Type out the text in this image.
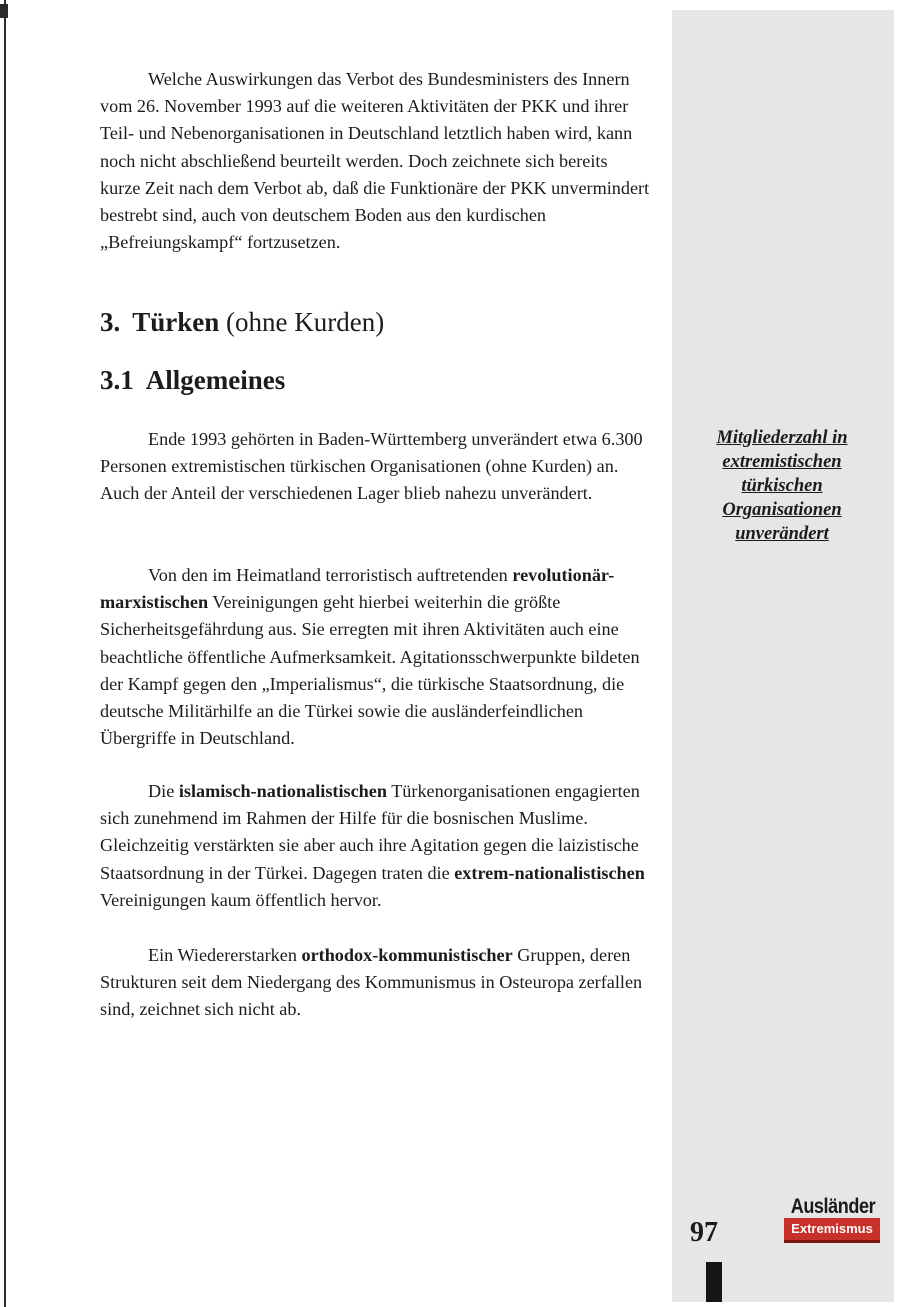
Welche Auswirkungen das Verbot des Bundesministers des Innern vom 26. November 1993 auf die weiteren Aktivitäten der PKK und ihrer Teil- und Nebenorganisationen in Deutschland letztlich haben wird, kann noch nicht abschließend beurteilt werden. Doch zeichnete sich bereits kurze Zeit nach dem Verbot ab, daß die Funktionäre der PKK unvermindert bestrebt sind, auch von deutschem Boden aus den kurdischen „Befreiungskampf“ fortzusetzen.

3. Türken (ohne Kurden)
3.1 Allgemeines

Ende 1993 gehörten in Baden-Württemberg unverändert etwa 6.300 Personen extremistischen türkischen Organisationen (ohne Kurden) an. Auch der Anteil der verschiedenen Lager blieb nahezu unverändert.

Mitgliederzahl in extremistischen türkischen Organisationen unverändert

Von den im Heimatland terroristisch auftretenden revolutionär-marxistischen Vereinigungen geht hierbei weiterhin die größte Sicherheitsgefährdung aus. Sie erregten mit ihren Aktivitäten auch eine beachtliche öffentliche Aufmerksamkeit. Agitationsschwerpunkte bildeten der Kampf gegen den „Imperialismus“, die türkische Staatsordnung, die deutsche Militärhilfe an die Türkei sowie die ausländerfeindlichen Übergriffe in Deutschland.

Die islamisch-nationalistischen Türkenorganisationen engagierten sich zunehmend im Rahmen der Hilfe für die bosnischen Muslime. Gleichzeitig verstärkten sie aber auch ihre Agitation gegen die laizistische Staatsordnung in der Türkei. Dagegen traten die extrem-nationalistischen Vereinigungen kaum öffentlich hervor.

Ein Wiedererstarken orthodox-kommunistischer Gruppen, deren Strukturen seit dem Niedergang des Kommunismus in Osteuropa zerfallen sind, zeichnet sich nicht ab.

97
Ausländer
Extremismus
